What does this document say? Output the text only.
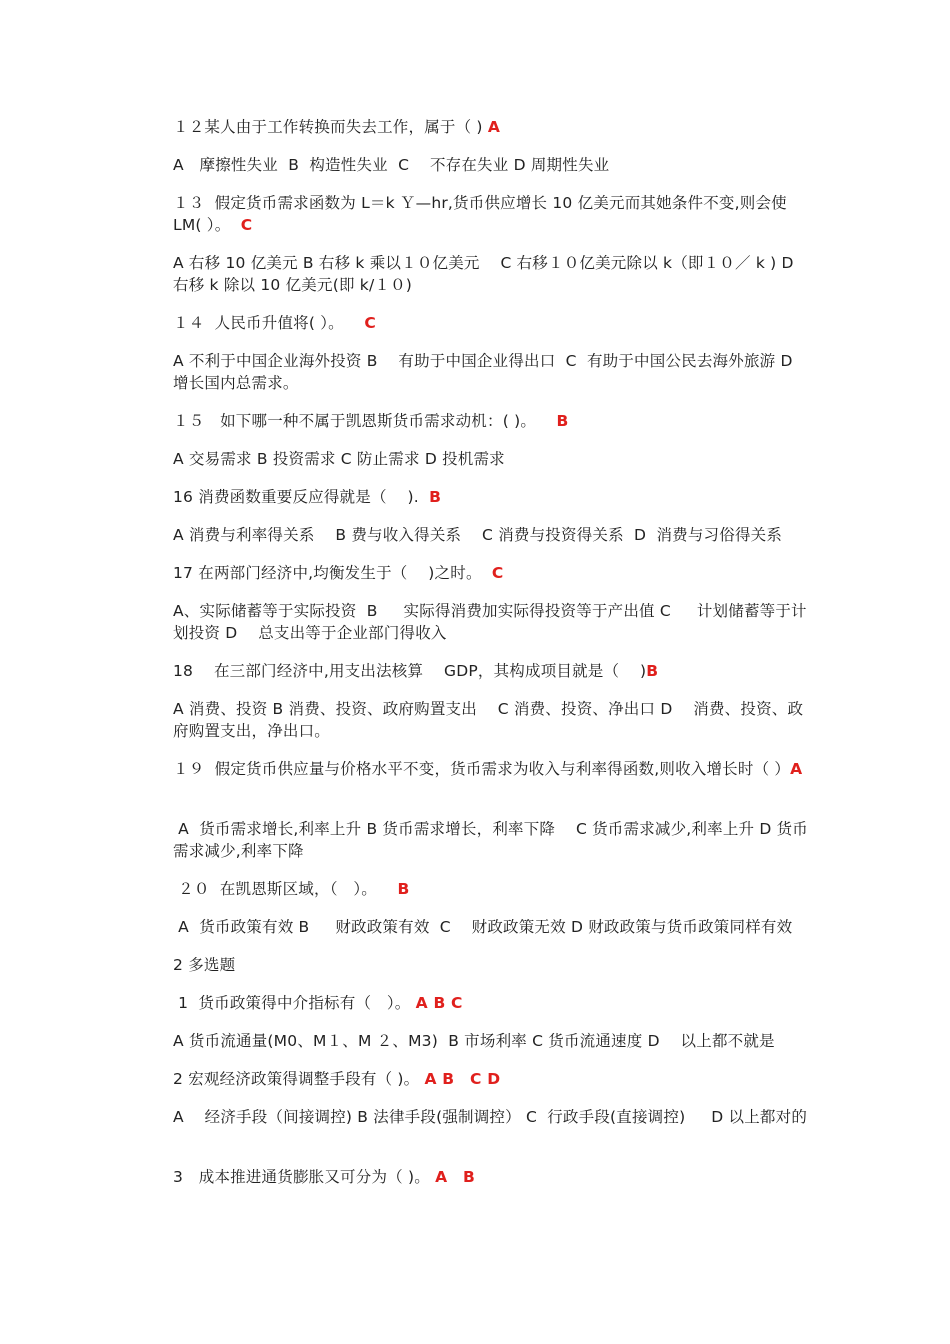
１２某人由于工作转换而失去工作，属于（ ) A

A　摩擦性失业  B  构造性失业  C　 不存在失业 D 周期性失业

１３  假定货币需求函数为 L＝k Ｙ—hr,货币供应增长 10 亿美元而其她条件不变,则会使LM( ）。 C

A 右移 10 亿美元 B 右移 k 乘以１０亿美元 　C 右移１０亿美元除以 k（即１０／ k ) D 右移 k 除以 10 亿美元(即 k/１０)

１４  人民币升值将( ）。 C

A 不利于中国企业海外投资 B　 有助于中国企业得出口  C  有助于中国公民去海外旅游 D 增长国内总需求。

１５　如下哪一种不属于凯恩斯货币需求动机：( )。 B

A 交易需求 B 投资需求 C 防止需求 D 投机需求

16 消费函数重要反应得就是（　 ). B

A 消费与利率得关系 　B 费与收入得关系 　C 消费与投资得关系  D  消费与习俗得关系

17 在两部门经济中,均衡发生于（　 )之时。 C

A、实际储蓄等于实际投资  B  　实际得消费加实际得投资等于产出值 C  　计划储蓄等于计划投资 D　 总支出等于企业部门得收入

18 　在三部门经济中,用支出法核算 　GDP，其构成项目就是（　 )B

A 消费、投资 B 消费、投资、政府购置支出 　C 消费、投资、净出口 D 　消费、投资、政府购置支出，净出口。

１９  假定货币供应量与价格水平不变，货币需求为收入与利率得函数,则收入增长时（ ）A

A  货币需求增长,利率上升 B 货币需求增长，利率下降 　C 货币需求减少,利率上升 D 货币需求减少,利率下降

２０  在凯恩斯区域，（　）。 B

A  货币政策有效 B  　财政政策有效  C　 财政政策无效 D 财政政策与货币政策同样有效

2 多选题

1  货币政策得中介指标有（　）。 A B C

A 货币流通量(M0、M１、M ２、M3)  B 市场利率 C 货币流通速度 D　 以上都不就是

2 宏观经济政策得调整手段有（ )。 A B　C D

A　 经济手段（间接调控) B 法律手段(强制调控） C  行政手段(直接调控)　  D 以上都对的

3　成本推进通货膨胀又可分为（ )。 A　B
